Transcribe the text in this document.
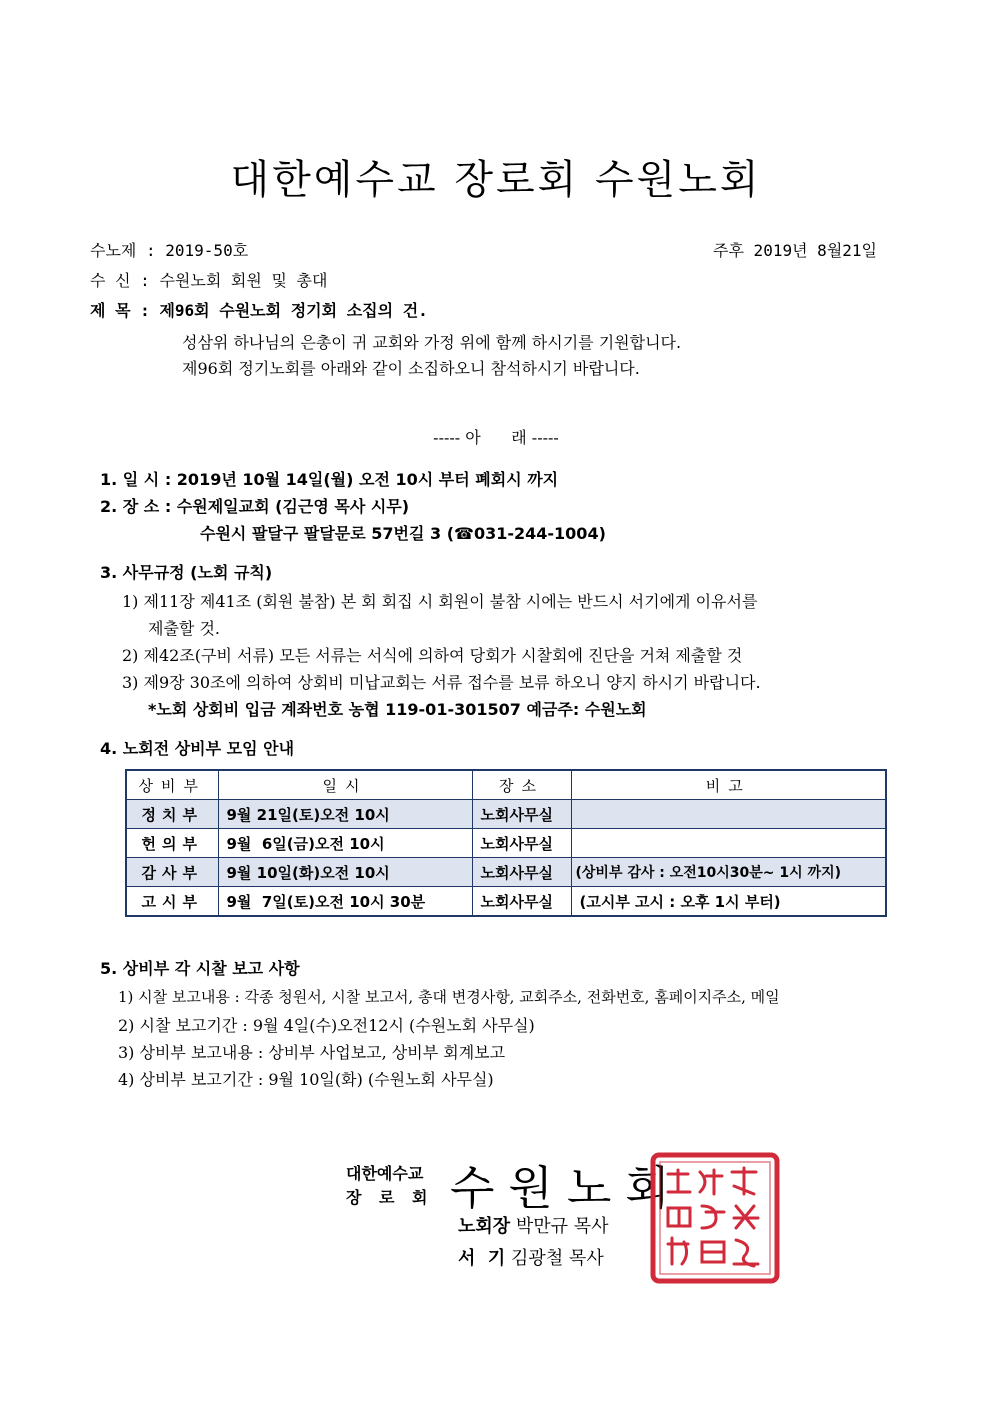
대한예수교 장로회 수원노회
수노제 : 2019-50호	주후 2019년 8월21일
수 신 : 수원노회 회원 및 총대
제 목 : 제96회 수원노회 정기회 소집의 건.
성삼위 하나님의 은총이 귀 교회와 가정 위에 함께 하시기를 기원합니다.
제96회 정기노회를 아래와 같이 소집하오니 참석하시기 바랍니다.
----- 아      래 -----
1. 일 시 : 2019년 10월 14일(월) 오전 10시 부터 폐회시 까지
2. 장 소 : 수원제일교회 (김근영 목사 시무)
수원시 팔달구 팔달문로 57번길 3 (☎031-244-1004)
3. 사무규정 (노회 규칙)
1) 제11장 제41조 (회원 불참) 본 회 회집 시 회원이 불참 시에는 반드시 서기에게 이유서를
제출할 것.
2) 제42조(구비 서류) 모든 서류는 서식에 의하여 당회가 시찰회에 진단을 거쳐 제출할 것
3) 제9장 30조에 의하여 상회비 미납교회는 서류 접수를 보류 하오니 양지 하시기 바랍니다.
*노회 상회비 입금 계좌번호 농협 119-01-301507 예금주: 수원노회
4. 노회전 상비부 모임 안내
상비부	일시	장소	비고
정치부	9월 21일(토)오전 10시	노회사무실	
헌의부	9월  6일(금)오전 10시	노회사무실	
감사부	9월 10일(화)오전 10시	노회사무실	(상비부 감사 : 오전10시30분~ 1시 까지)
고시부	9월  7일(토)오전 10시 30분	노회사무실	(고시부 고시 : 오후 1시 부터)
5. 상비부 각 시찰 보고 사항
1) 시찰 보고내용 : 각종 청원서, 시찰 보고서, 총대 변경사항, 교회주소, 전화번호, 홈페이지주소, 메일
2) 시찰 보고기간 : 9월 4일(수)오전12시 (수원노회 사무실)
3) 상비부 보고내용 : 상비부 사업보고, 상비부 회계보고
4) 상비부 보고기간 : 9월 10일(화) (수원노회 사무실)
대한예수교
장 로 회 수원노회
노회장 박만규 목사
서  기 김광철 목사
